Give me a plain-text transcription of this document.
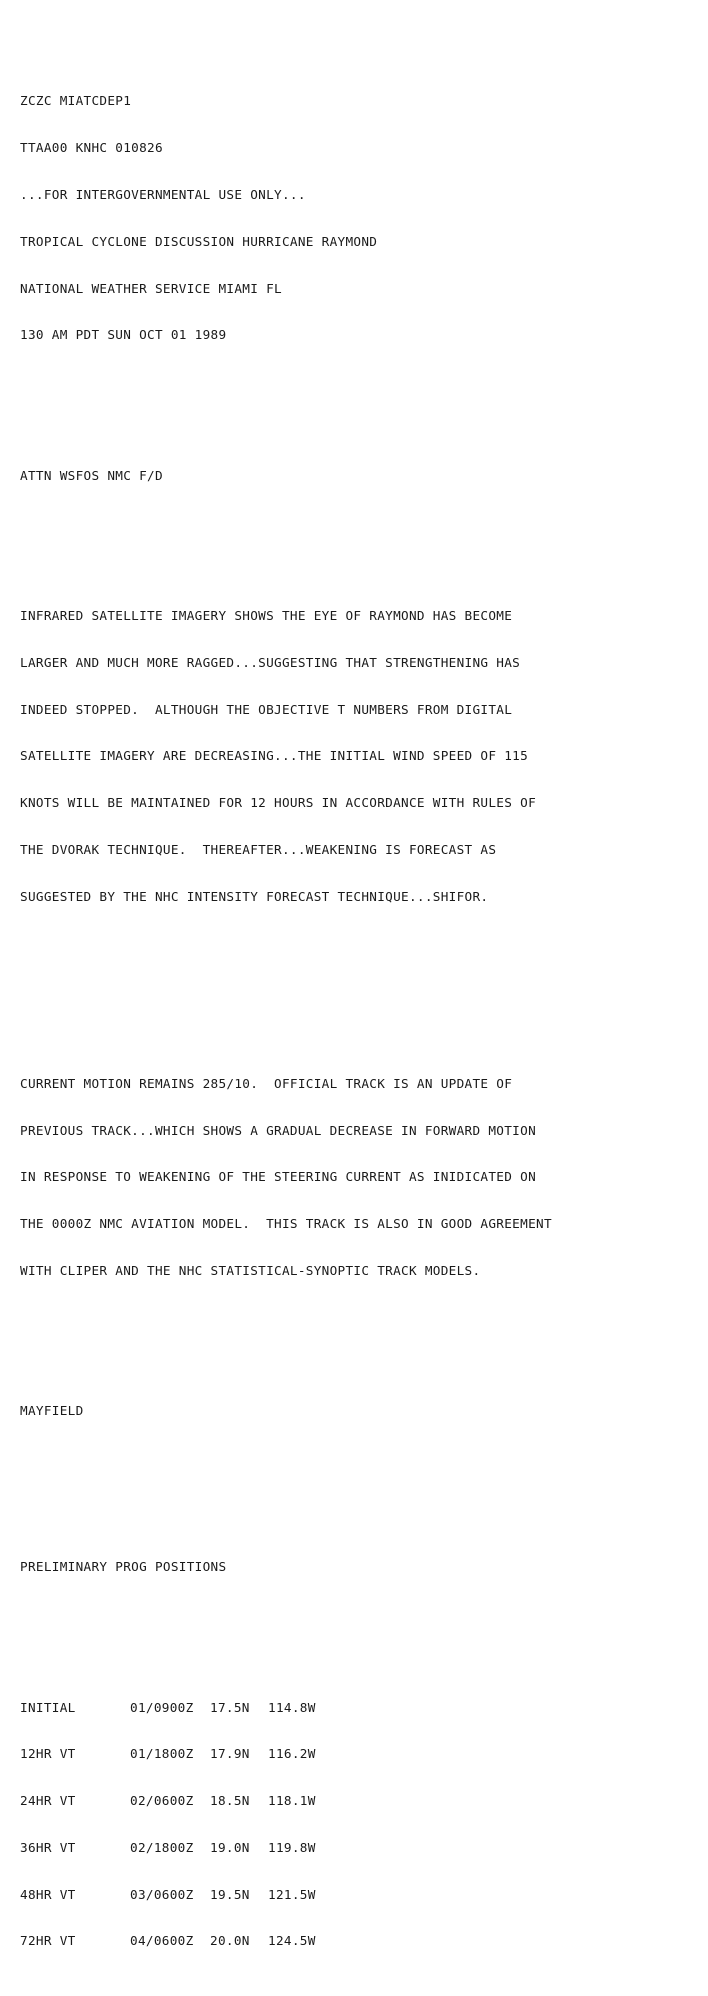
ZCZC MIATCDEP1

TTAA00 KNHC 010826

...FOR INTERGOVERNMENTAL USE ONLY...

TROPICAL CYCLONE DISCUSSION HURRICANE RAYMOND

NATIONAL WEATHER SERVICE MIAMI FL

130 AM PDT SUN OCT 01 1989

ATTN WSFOS NMC F/D

INFRARED SATELLITE IMAGERY SHOWS THE EYE OF RAYMOND HAS BECOME

LARGER AND MUCH MORE RAGGED...SUGGESTING THAT STRENGTHENING HAS

INDEED STOPPED.  ALTHOUGH THE OBJECTIVE T NUMBERS FROM DIGITAL

SATELLITE IMAGERY ARE DECREASING...THE INITIAL WIND SPEED OF 115

KNOTS WILL BE MAINTAINED FOR 12 HOURS IN ACCORDANCE WITH RULES OF

THE DVORAK TECHNIQUE.  THEREAFTER...WEAKENING IS FORECAST AS

SUGGESTED BY THE NHC INTENSITY FORECAST TECHNIQUE...SHIFOR.

CURRENT MOTION REMAINS 285/10.  OFFICIAL TRACK IS AN UPDATE OF

PREVIOUS TRACK...WHICH SHOWS A GRADUAL DECREASE IN FORWARD MOTION

IN RESPONSE TO WEAKENING OF THE STEERING CURRENT AS INIDICATED ON

THE 0000Z NMC AVIATION MODEL.  THIS TRACK IS ALSO IN GOOD AGREEMENT

WITH CLIPER AND THE NHC STATISTICAL-SYNOPTIC TRACK MODELS.

MAYFIELD

PRELIMINARY PROG POSITIONS

INITIAL	01/0900Z	17.5N	114.8W

12HR VT	01/1800Z	17.9N	116.2W

24HR VT	02/0600Z	18.5N	118.1W

36HR VT	02/1800Z	19.0N	119.8W

48HR VT	03/0600Z	19.5N	121.5W

72HR VT	04/0600Z	20.0N	124.5W
